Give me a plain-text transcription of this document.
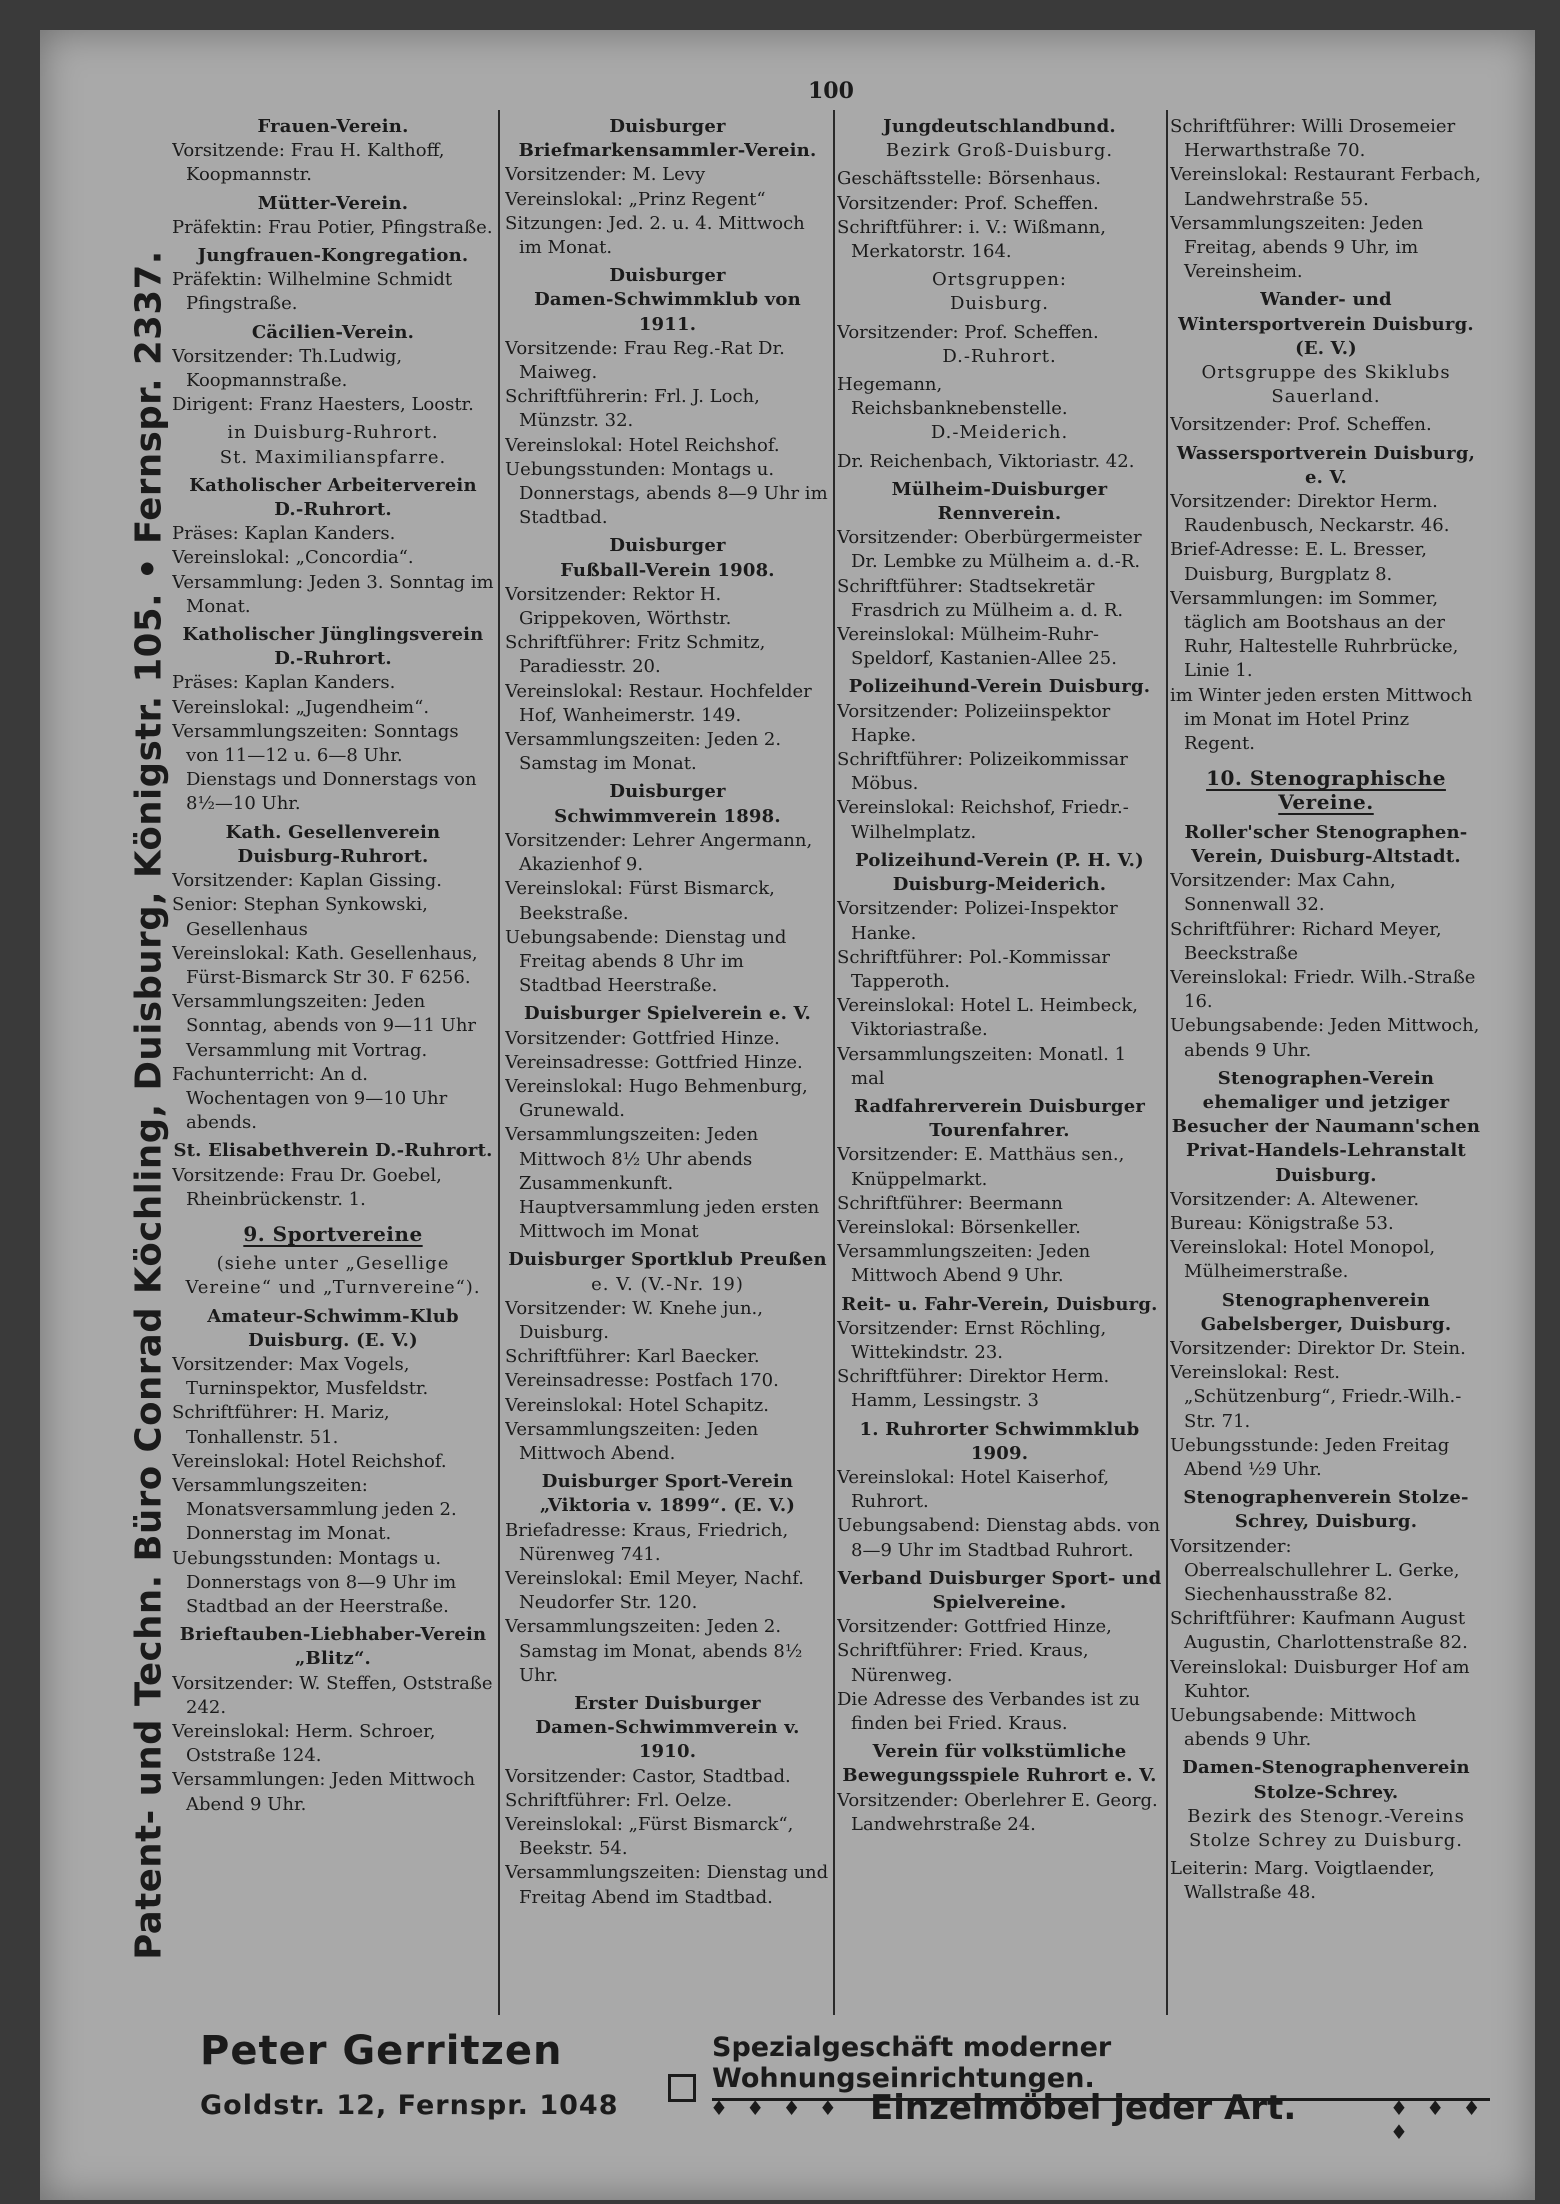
100
Patent- und Techn. Büro Conrad Köchling, Duisburg, Königstr. 105. • Fernspr. 2337.
Frauen-Verein.
Vorsitzende: Frau H. Kalthoff, Koopmannstr.
Mütter-Verein.
Präfektin: Frau Potier, Pfingstraße.
Jungfrauen-Kongregation.
Präfektin: Wilhelmine Schmidt Pfingstraße.
Cäcilien-Verein.
Vorsitzender: Th.Ludwig, Koopmannstraße.
Dirigent: Franz Haesters, Loostr.
in Duisburg-Ruhrort.
St. Maximilianspfarre.
Katholischer Arbeiterverein D.-Ruhrort.
Präses: Kaplan Kanders.
Vereinslokal: „Concordia“.
Versammlung: Jeden 3. Sonntag im Monat.
Katholischer Jünglingsverein D.-Ruhrort.
Präses: Kaplan Kanders.
Vereinslokal: „Jugendheim“.
Versammlungszeiten: Sonntags von 11—12 u. 6—8 Uhr. Dienstags und Donnerstags von 8½—10 Uhr.
Kath. Gesellenverein Duisburg-Ruhrort.
Vorsitzender: Kaplan Gissing.
Senior: Stephan Synkowski, Gesellenhaus
Vereinslokal: Kath. Gesellenhaus, Fürst-Bismarck Str 30. F 6256.
Versammlungszeiten: Jeden Sonntag, abends von 9—11 Uhr Versammlung mit Vortrag.
Fachunterricht: An d. Wochentagen von 9—10 Uhr abends.
St. Elisabethverein D.-Ruhrort.
Vorsitzende: Frau Dr. Goebel, Rheinbrückenstr. 1.
9. Sportvereine
(siehe unter „Gesellige Vereine“ und „Turnvereine“).
Amateur-Schwimm-Klub Duisburg. (E. V.)
Vorsitzender: Max Vogels, Turninspektor, Musfeldstr.
Schriftführer: H. Mariz, Tonhallenstr. 51.
Vereinslokal: Hotel Reichshof.
Versammlungszeiten: Monatsversammlung jeden 2. Donnerstag im Monat.
Uebungsstunden: Montags u. Donnerstags von 8—9 Uhr im Stadtbad an der Heerstraße.
Brieftauben-Liebhaber-Verein „Blitz“.
Vorsitzender: W. Steffen, Oststraße 242.
Vereinslokal: Herm. Schroer, Oststraße 124.
Versammlungen: Jeden Mittwoch Abend 9 Uhr.
Duisburger
Briefmarkensammler-Verein.
Vorsitzender: M. Levy
Vereinslokal: „Prinz Regent“
Sitzungen: Jed. 2. u. 4. Mittwoch im Monat.
Duisburger
Damen-Schwimmklub von 1911.
Vorsitzende: Frau Reg.-Rat Dr. Maiweg.
Schriftführerin: Frl. J. Loch, Münzstr. 32.
Vereinslokal: Hotel Reichshof.
Uebungsstunden: Montags u. Donnerstags, abends 8—9 Uhr im Stadtbad.
Duisburger
Fußball-Verein 1908.
Vorsitzender: Rektor H. Grippekoven, Wörthstr.
Schriftführer: Fritz Schmitz, Paradiesstr. 20.
Vereinslokal: Restaur. Hochfelder Hof, Wanheimerstr. 149.
Versammlungszeiten: Jeden 2. Samstag im Monat.
Duisburger
Schwimmverein 1898.
Vorsitzender: Lehrer Angermann, Akazienhof 9.
Vereinslokal: Fürst Bismarck, Beekstraße.
Uebungsabende: Dienstag und Freitag abends 8 Uhr im Stadtbad Heerstraße.
Duisburger Spielverein e. V.
Vorsitzender: Gottfried Hinze.
Vereinsadresse: Gottfried Hinze.
Vereinslokal: Hugo Behmenburg, Grunewald.
Versammlungszeiten: Jeden Mittwoch 8½ Uhr abends Zusammenkunft. Hauptversammlung jeden ersten Mittwoch im Monat
Duisburger Sportklub Preußen
e. V. (V.-Nr. 19)
Vorsitzender: W. Knehe jun., Duisburg.
Schriftführer: Karl Baecker.
Vereinsadresse: Postfach 170.
Vereinslokal: Hotel Schapitz.
Versammlungszeiten: Jeden Mittwoch Abend.
Duisburger Sport-Verein „Viktoria v. 1899“. (E. V.)
Briefadresse: Kraus, Friedrich, Nürenweg 741.
Vereinslokal: Emil Meyer, Nachf. Neudorfer Str. 120.
Versammlungszeiten: Jeden 2. Samstag im Monat, abends 8½ Uhr.
Erster Duisburger
Damen-Schwimmverein v. 1910.
Vorsitzender: Castor, Stadtbad.
Schriftführer: Frl. Oelze.
Vereinslokal: „Fürst Bismarck“, Beekstr. 54.
Versammlungszeiten: Dienstag und Freitag Abend im Stadtbad.
Jungdeutschlandbund.
Bezirk Groß-Duisburg.
Geschäftsstelle: Börsenhaus.
Vorsitzender: Prof. Scheffen.
Schriftführer: i. V.: Wißmann, Merkatorstr. 164.
Ortsgruppen:
Duisburg.
Vorsitzender: Prof. Scheffen.
D.-Ruhrort.
Hegemann, Reichsbanknebenstelle.
D.-Meiderich.
Dr. Reichenbach, Viktoriastr. 42.
Mülheim-Duisburger
Rennverein.
Vorsitzender: Oberbürgermeister Dr. Lembke zu Mülheim a. d.-R.
Schriftführer: Stadtsekretär Frasdrich zu Mülheim a. d. R.
Vereinslokal: Mülheim-Ruhr-Speldorf, Kastanien-Allee 25.
Polizeihund-Verein Duisburg.
Vorsitzender: Polizeiinspektor Hapke.
Schriftführer: Polizeikommissar Möbus.
Vereinslokal: Reichshof, Friedr.-Wilhelmplatz.
Polizeihund-Verein (P. H. V.) Duisburg-Meiderich.
Vorsitzender: Polizei-Inspektor Hanke.
Schriftführer: Pol.-Kommissar Tapperoth.
Vereinslokal: Hotel L. Heimbeck, Viktoriastraße.
Versammlungszeiten: Monatl. 1 mal
Radfahrerverein Duisburger Tourenfahrer.
Vorsitzender: E. Matthäus sen., Knüppelmarkt.
Schriftführer: Beermann
Vereinslokal: Börsenkeller.
Versammlungszeiten: Jeden Mittwoch Abend 9 Uhr.
Reit- u. Fahr-Verein, Duisburg.
Vorsitzender: Ernst Röchling, Wittekindstr. 23.
Schriftführer: Direktor Herm. Hamm, Lessingstr. 3
1. Ruhrorter Schwimmklub 1909.
Vereinslokal: Hotel Kaiserhof, Ruhrort.
Uebungsabend: Dienstag abds. von 8—9 Uhr im Stadtbad Ruhrort.
Verband Duisburger Sport- und Spielvereine.
Vorsitzender: Gottfried Hinze,
Schriftführer: Fried. Kraus, Nürenweg.
Die Adresse des Verbandes ist zu finden bei Fried. Kraus.
Verein für volkstümliche Bewegungsspiele Ruhrort e. V.
Vorsitzender: Oberlehrer E. Georg. Landwehrstraße 24.
Schriftführer: Willi Drosemeier Herwarthstraße 70.
Vereinslokal: Restaurant Ferbach, Landwehrstraße 55.
Versammlungszeiten: Jeden Freitag, abends 9 Uhr, im Vereinsheim.
Wander- und Wintersportverein Duisburg. (E. V.)
Ortsgruppe des Skiklubs Sauerland.
Vorsitzender: Prof. Scheffen.
Wassersportverein Duisburg, e. V.
Vorsitzender: Direktor Herm. Raudenbusch, Neckarstr. 46.
Brief-Adresse: E. L. Bresser, Duisburg, Burgplatz 8.
Versammlungen: im Sommer, täglich am Bootshaus an der Ruhr, Haltestelle Ruhrbrücke, Linie 1.
im Winter jeden ersten Mittwoch im Monat im Hotel Prinz Regent.
10. Stenographische Vereine.
Roller'scher Stenographen-Verein, Duisburg-Altstadt.
Vorsitzender: Max Cahn, Sonnenwall 32.
Schriftführer: Richard Meyer, Beeckstraße
Vereinslokal: Friedr. Wilh.-Straße 16.
Uebungsabende: Jeden Mittwoch, abends 9 Uhr.
Stenographen-Verein ehemaliger und jetziger Besucher der Naumann'schen Privat-Handels-Lehranstalt Duisburg.
Vorsitzender: A. Altewener.
Bureau: Königstraße 53.
Vereinslokal: Hotel Monopol, Mülheimerstraße.
Stenographenverein Gabelsberger, Duisburg.
Vorsitzender: Direktor Dr. Stein.
Vereinslokal: Rest. „Schützenburg“, Friedr.-Wilh.-Str. 71.
Uebungsstunde: Jeden Freitag Abend ½9 Uhr.
Stenographenverein Stolze-Schrey, Duisburg.
Vorsitzender: Oberrealschullehrer L. Gerke, Siechenhausstraße 82.
Schriftführer: Kaufmann August Augustin, Charlottenstraße 82.
Vereinslokal: Duisburger Hof am Kuhtor.
Uebungsabende: Mittwoch abends 9 Uhr.
Damen-Stenographenverein Stolze-Schrey.
Bezirk des Stenogr.-Vereins Stolze Schrey zu Duisburg.
Leiterin: Marg. Voigtlaender, Wallstraße 48.
Peter Gerritzen
Goldstr. 12, Fernspr. 1048
Spezialgeschäft moderner Wohnungseinrichtungen.
♦ ♦ ♦ ♦ Einzelmöbel jeder Art.	♦ ♦ ♦ ♦
